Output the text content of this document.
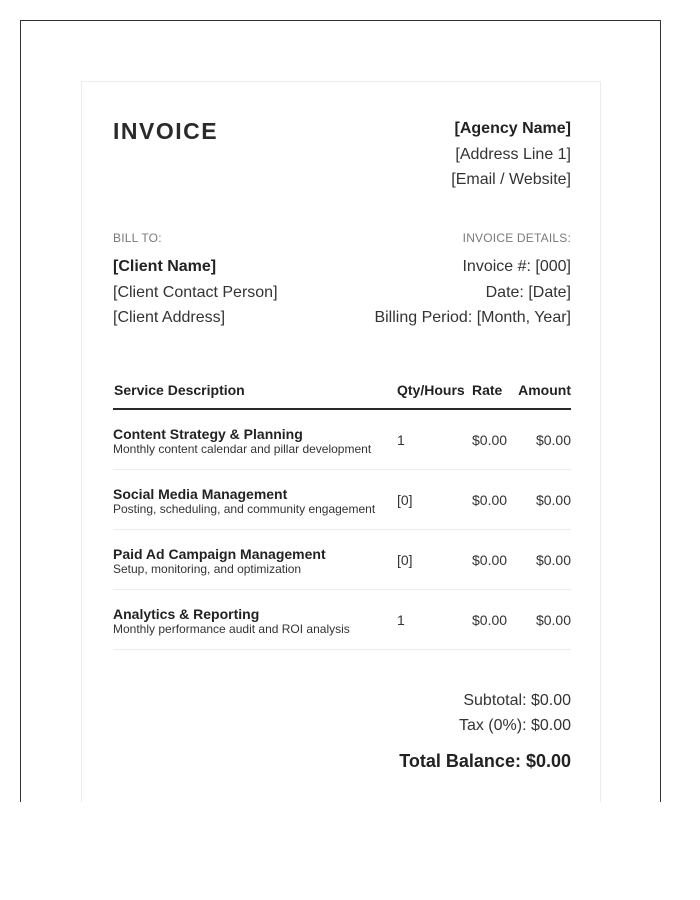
INVOICE	[Agency Name]
[Address Line 1]
[Email / Website]
BILL TO:
[Client Name]
[Client Contact Person]
[Client Address]
INVOICE DETAILS:
Invoice #: [000]
Date: [Date]
Billing Period: [Month, Year]
Service Description	Qty/Hours Rate Amount
Content Strategy & Planning
Monthly content calendar and pillar development
1	$0.00 $0.00
Social Media Management
Posting, scheduling, and community engagement
[0]	$0.00 $0.00
Paid Ad Campaign Management
Setup, monitoring, and optimization
[0]	$0.00 $0.00
Analytics & Reporting
Monthly performance audit and ROI analysis
1	$0.00 $0.00
Subtotal: $0.00
Tax (0%): $0.00
Total Balance: $0.00
